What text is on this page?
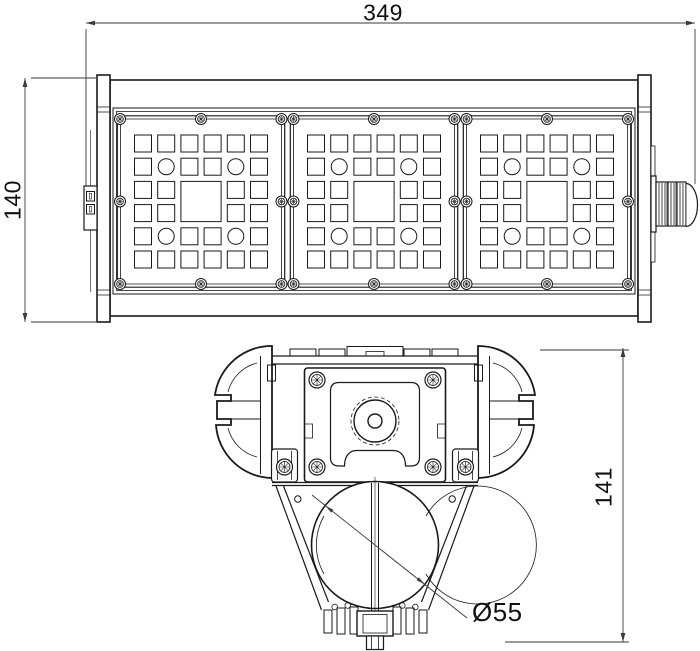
349
140
141
Ø55
